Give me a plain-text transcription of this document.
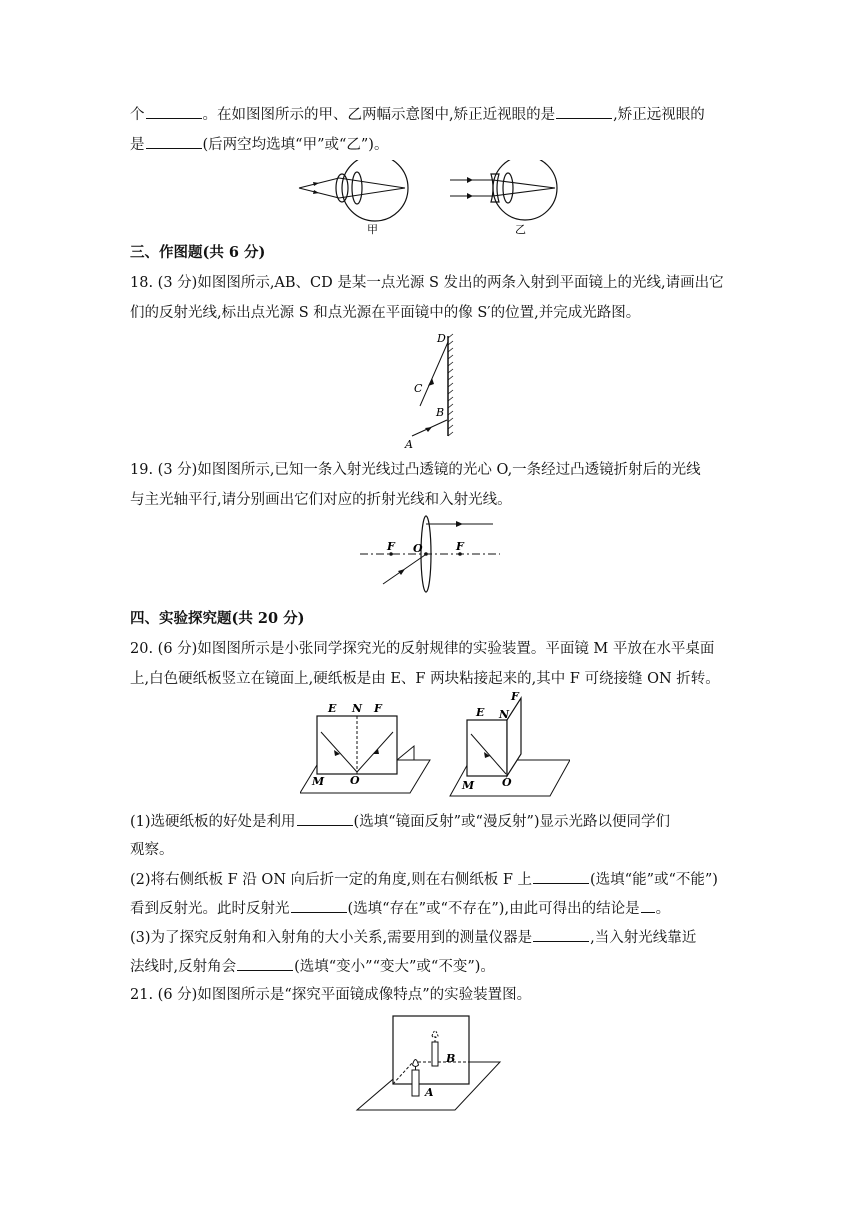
个	。在如图图所示的甲、乙两幅示意图中,矫正近视眼的是	,矫正远视眼的
是	(后两空均选填“甲”或“乙”)。
甲	乙
三、作图题(共 6 分)
18. (3 分)如图图所示,AB、CD 是某一点光源 S 发出的两条入射到平面镜上的光线,请画出它
们的反射光线,标出点光源 S 和点光源在平面镜中的像 S′的位置,并完成光路图。
D
C
B
A
19. (3 分)如图图所示,已知一条入射光线过凸透镜的光心 O,一条经过凸透镜折射后的光线
与主光轴平行,请分别画出它们对应的折射光线和入射光线。
F O	F
四、实验探究题(共 20 分)
20. (6 分)如图图所示是小张同学探究光的反射规律的实验装置。平面镜 M 平放在水平桌面
上,白色硬纸板竖立在镜面上,硬纸板是由 E、F 两块粘接起来的,其中 F 可绕接缝 ON 折转。
E N F
O
M
E N
F
O
M
(1)选硬纸板的好处是利用	(选填“镜面反射”或“漫反射”)显示光路以便同学们
观察。
(2)将右侧纸板 F 沿 ON 向后折一定的角度,则在右侧纸板 F 上	(选填“能”或“不能”)
看到反射光。此时反射光	(选填“存在”或“不存在”),由此可得出的结论是 。
(3)为了探究反射角和入射角的大小关系,需要用到的测量仪器是	,当入射光线靠近
法线时,反射角会	(选填“变小”“变大”或“不变”)。
21. (6 分)如图图所示是“探究平面镜成像特点”的实验装置图。
B
A
